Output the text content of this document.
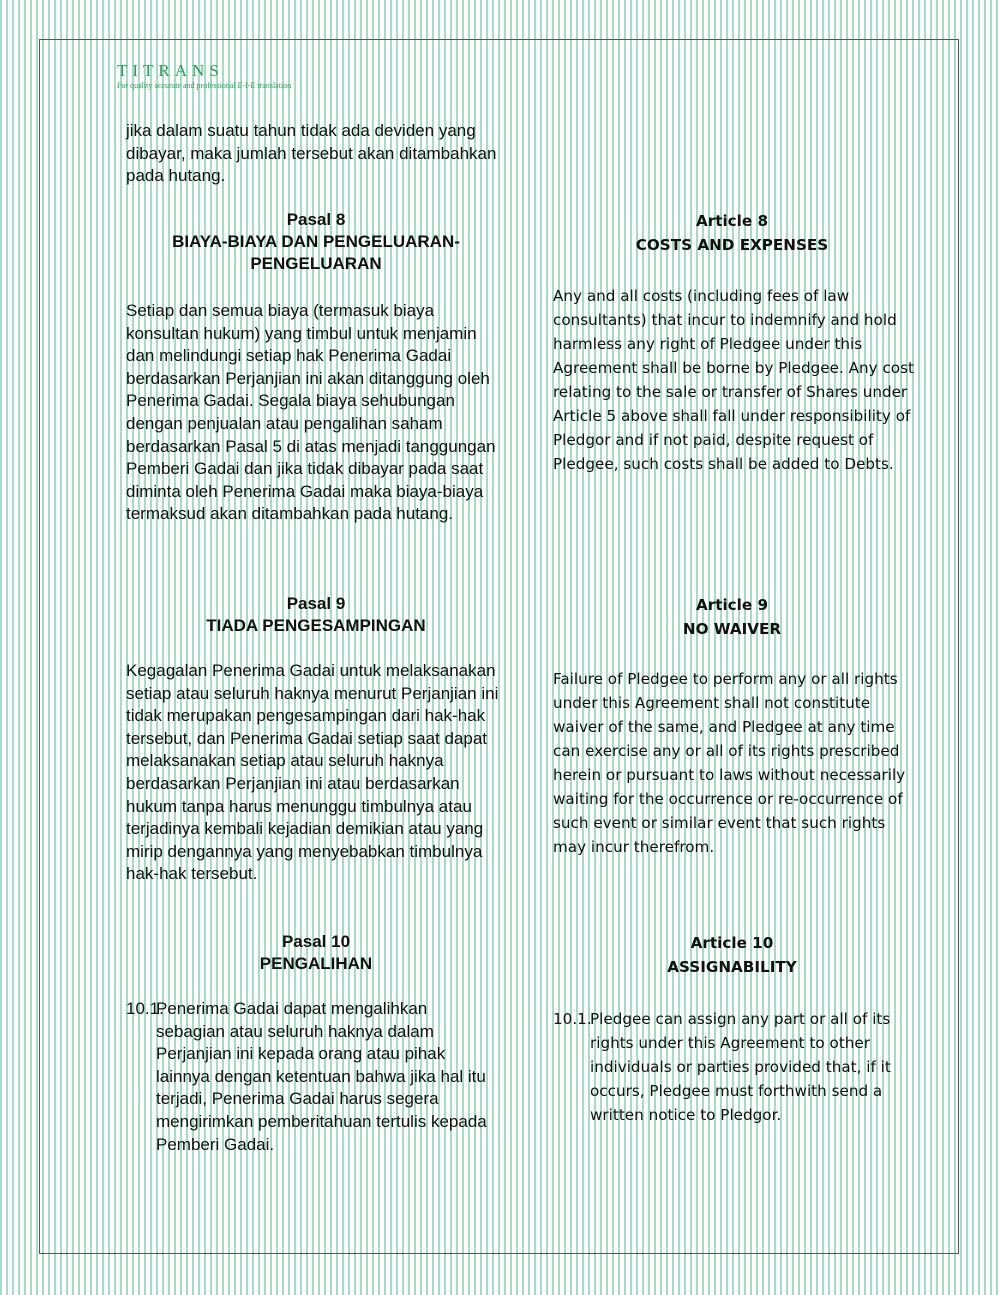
TITRANS
For quality accurate and professional E-I-E translation

jika dalam suatu tahun tidak ada deviden yang dibayar, maka jumlah tersebut akan ditambahkan pada hutang.

Pasal 8

BIAYA-BIAYA DAN PENGELUARAN-PENGELUARAN

Setiap dan semua biaya (termasuk biaya konsultan hukum) yang timbul untuk menjamin dan melindungi setiap hak Penerima Gadai berdasarkan Perjanjian ini akan ditanggung oleh Penerima Gadai. Segala biaya sehubungan dengan penjualan atau pengalihan saham berdasarkan Pasal 5 di atas menjadi tanggungan Pemberi Gadai dan jika tidak dibayar pada saat diminta oleh Penerima Gadai maka biaya-biaya termaksud akan ditambahkan pada hutang.

Pasal 9

TIADA PENGESAMPINGAN

Kegagalan Penerima Gadai untuk melaksanakan setiap atau seluruh haknya menurut Perjanjian ini tidak merupakan pengesampingan dari hak-hak tersebut, dan Penerima Gadai setiap saat dapat melaksanakan setiap atau seluruh haknya berdasarkan Perjanjian ini atau berdasarkan hukum tanpa harus menunggu timbulnya atau terjadinya kembali kejadian demikian atau yang mirip dengannya yang menyebabkan timbulnya hak-hak tersebut.

Pasal 10

PENGALIHAN

10.1.
Penerima Gadai dapat mengalihkan sebagian atau seluruh haknya dalam Perjanjian ini kepada orang atau pihak lainnya dengan ketentuan bahwa jika hal itu terjadi, Penerima Gadai harus segera mengirimkan pemberitahuan tertulis kepada Pemberi Gadai.

Article 8

COSTS AND EXPENSES

Any and all costs (including fees of law consultants) that incur to indemnify and hold harmless any right of Pledgee under this Agreement shall be borne by Pledgee. Any cost relating to the sale or transfer of Shares under Article 5 above shall fall under responsibility of Pledgor and if not paid, despite request of Pledgee, such costs shall be added to Debts.

Article 9

NO WAIVER

Failure of Pledgee to perform any or all rights under this Agreement shall not constitute waiver of the same, and Pledgee at any time can exercise any or all of its rights prescribed herein or pursuant to laws without necessarily waiting for the occurrence or re-occurrence of such event or similar event that such rights may incur therefrom.

Article 10

ASSIGNABILITY

10.1.
Pledgee can assign any part or all of its rights under this Agreement to other individuals or parties provided that, if it occurs, Pledgee must forthwith send a written notice to Pledgor.
